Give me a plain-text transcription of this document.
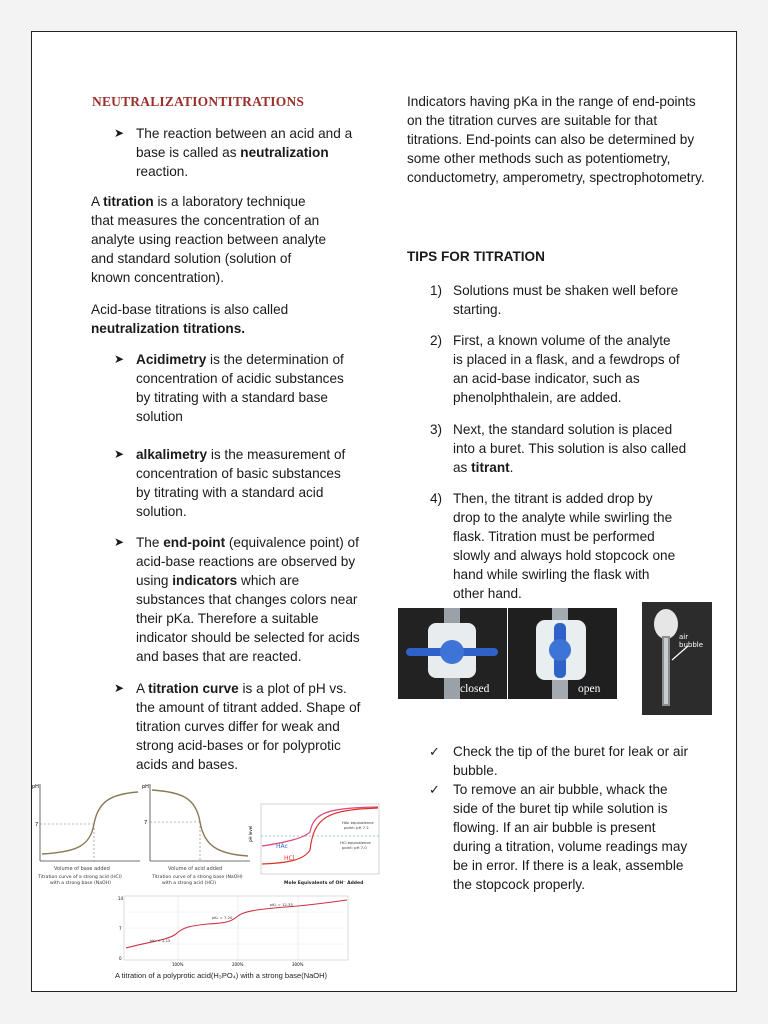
NEUTRALIZATIONTITRATIONS
➤ The reaction between an acid and a base is called as neutralization reaction.
A titration is a laboratory technique that measures the concentration of an analyte using reaction between analyte and standard solution (solution of known concentration).
Acid-base titrations is also called neutralization titrations.
➤ Acidimetry is the determination of concentration of acidic substances by titrating with a standard base solution
➤ alkalimetry is the measurement of concentration of basic substances by titrating with a standard acid solution.
➤ The end-point (equivalence point) of acid-base reactions are observed by using indicators which are substances that changes colors near their pKa. Therefore a suitable indicator should be selected for acids and bases that are reacted.
➤ A titration curve is a plot of pH vs. the amount of titrant added. Shape of titration curves differ for weak and strong acid-bases or for polyprotic acids and bases.
Indicators having pKa in the range of end-points on the titration curves are suitable for that titrations. End-points can also be determined by some other methods such as potentiometry, conductometry, amperometry, spectrophotometry.
TIPS FOR TITRATION
1) Solutions must be shaken well before starting.
2) First, a known volume of the analyte is placed in a flask, and a fewdrops of an acid-base indicator, such as phenolphthalein, are added.
3) Next, the standard solution is placed into a buret. This solution is also called as titrant.
4) Then, the titrant is added drop by drop to the analyte while swirling the flask. Titration must be performed slowly and always hold stopcock one hand while swirling the flask with other hand.
closed	open
air bubble
✓ Check the tip of the buret for leak or air bubble.
✓ To remove an air bubble, whack the side of the buret tip while solution is flowing. If an air bubble is present during a titration, volume readings may be in error. If there is a leak, assemble the stopcock properly.
pH
7
Volume of base added
Titration curve of a strong acid (HCl)
with a strong base (NaOH)
pH
7
Volume of acid added
Titration curve of a strong base (NaOH)
with a strong acid (HCl)
pH level
HAc
HCl
HAc equivalence
point: pH 7.2
HCl equivalence
point: pH 7.0
Mole Equivalents of OH⁻ Added
14
7
0
pK₁ = 2.15
pK₂ = 7.20
pK₃ = 12.35
100%	200%	300%
A titration of a polyprotic acid(H₃PO₄) with a strong base(NaOH)
